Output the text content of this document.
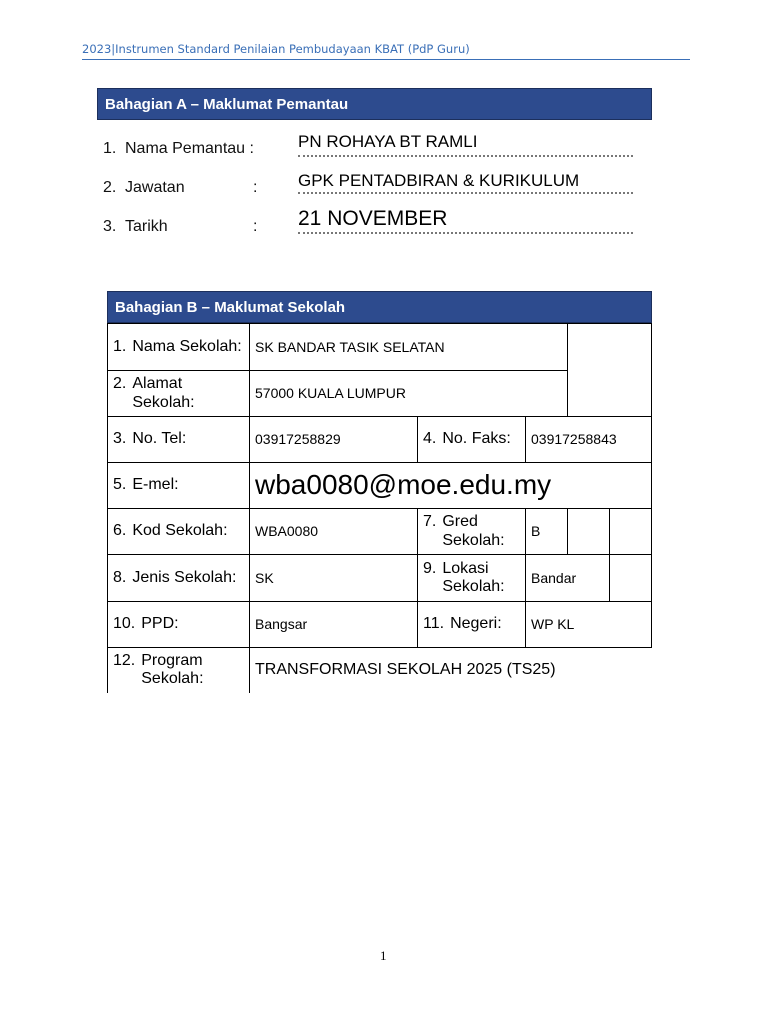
2023|Instrumen Standard Penilaian Pembudayaan KBAT (PdP Guru)
Bahagian A – Maklumat Pemantau
1. Nama Pemantau :	PN ROHAYA BT RAMLI
2. Jawatan	: GPK PENTADBIRAN & KURIKULUM
3. Tarikh	: 21 NOVEMBER
Bahagian B – Maklumat Sekolah
1. Nama Sekolah:	SK BANDAR TASIK SELATAN				

2. Alamat Sekolah:	57000 KUALA LUMPUR				

3. No. Tel:	03917258829	4. No. Faks:	03917258843		

5. E-mel:	wba0080@moe.edu.my				

6. Kod Sekolah:	WBA0080	7. Gred Sekolah:	B		

8. Jenis Sekolah:	SK	9. Lokasi Sekolah:	Bandar		

10. PPD:	Bangsar	11. Negeri:	WP KL		

12. Program Sekolah:	TRANSFORMASI SEKOLAH 2025 (TS25)				
1
